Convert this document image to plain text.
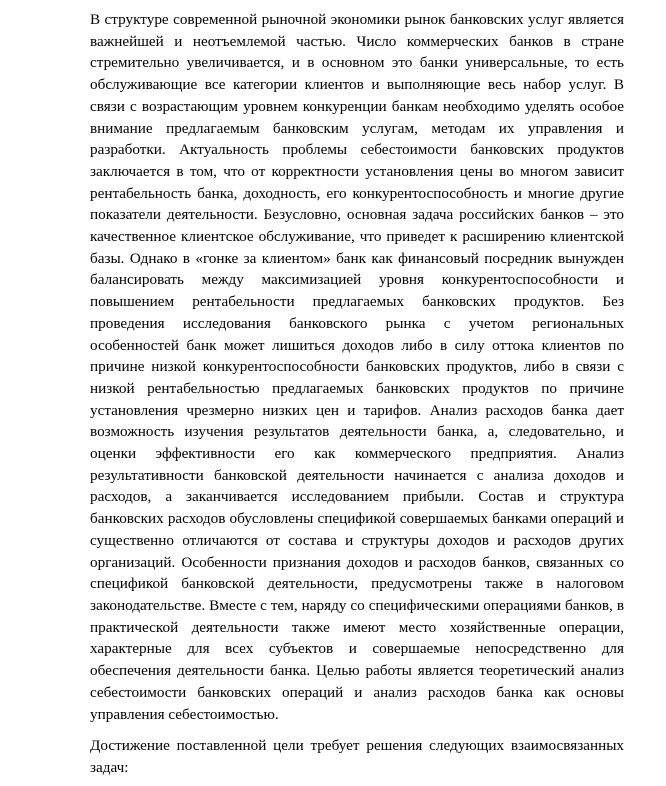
В структуре современной рыночной экономики рынок банковских услуг является важнейшей и неотъемлемой частью. Число коммерческих банков в стране стремительно увеличивается, и в основном это банки универсальные, то есть обслуживающие все категории клиентов и выполняющие весь набор услуг. В связи с возрастающим уровнем конкуренции банкам необходимо уделять особое внимание предлагаемым банковским услугам, методам их управления и разработки. Актуальность проблемы себестоимости банковских продуктов заключается в том, что от корректности установления цены во многом зависит рентабельность банка, доходность, его конкурентоспособность и многие другие показатели деятельности. Безусловно, основная задача российских банков – это качественное клиентское обслуживание, что приведет к расширению клиентской базы. Однако в «гонке за клиентом» банк как финансовый посредник вынужден балансировать между максимизацией уровня конкурентоспособности и повышением рентабельности предлагаемых банковских продуктов. Без проведения исследования банковского рынка с учетом региональных особенностей банк может лишиться доходов либо в силу оттока клиентов по причине низкой конкурентоспособности банковских продуктов, либо в связи с низкой рентабельностью предлагаемых банковских продуктов по причине установления чрезмерно низких цен и тарифов. Анализ расходов банка дает возможность изучения результатов деятельности банка, а, следовательно, и оценки эффективности его как коммерческого предприятия. Анализ результативности банковской деятельности начинается с анализа доходов и расходов, а заканчивается исследованием прибыли. Состав и структура банковских расходов обусловлены спецификой совершаемых банками операций и существенно отличаются от состава и структуры доходов и расходов других организаций. Особенности признания доходов и расходов банков, связанных со спецификой банковской деятельности, предусмотрены также в налоговом законодательстве. Вместе с тем, наряду со специфическими операциями банков, в практической деятельности также имеют место хозяйственные операции, характерные для всех субъектов и совершаемые непосредственно для обеспечения деятельности банка. Целью работы является теоретический анализ себестоимости банковских операций и анализ расходов банка как основы управления себестоимостью.

Достижение поставленной цели требует решения следующих взаимосвязанных задач:
